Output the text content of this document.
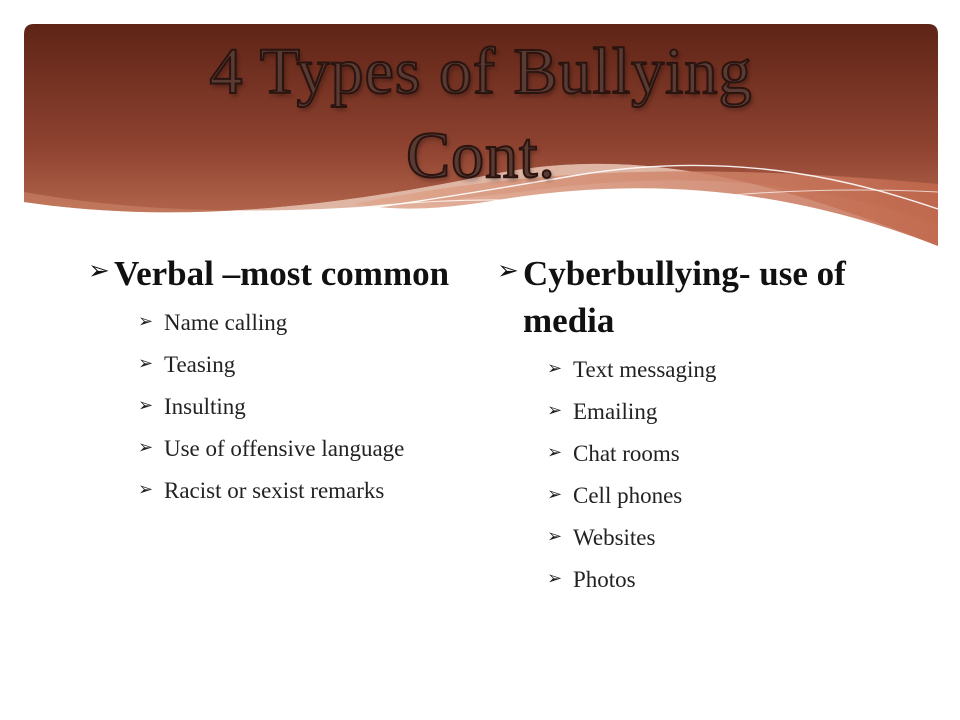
4 Types of Bullying
Cont.
➢ Verbal –most common
➢ Name calling
➢ Teasing
➢ Insulting
➢ Use of offensive language
➢ Racist or sexist remarks
➢ Cyberbullying- use of media
➢ Text messaging
➢ Emailing
➢ Chat rooms
➢ Cell phones
➢ Websites
➢ Photos
